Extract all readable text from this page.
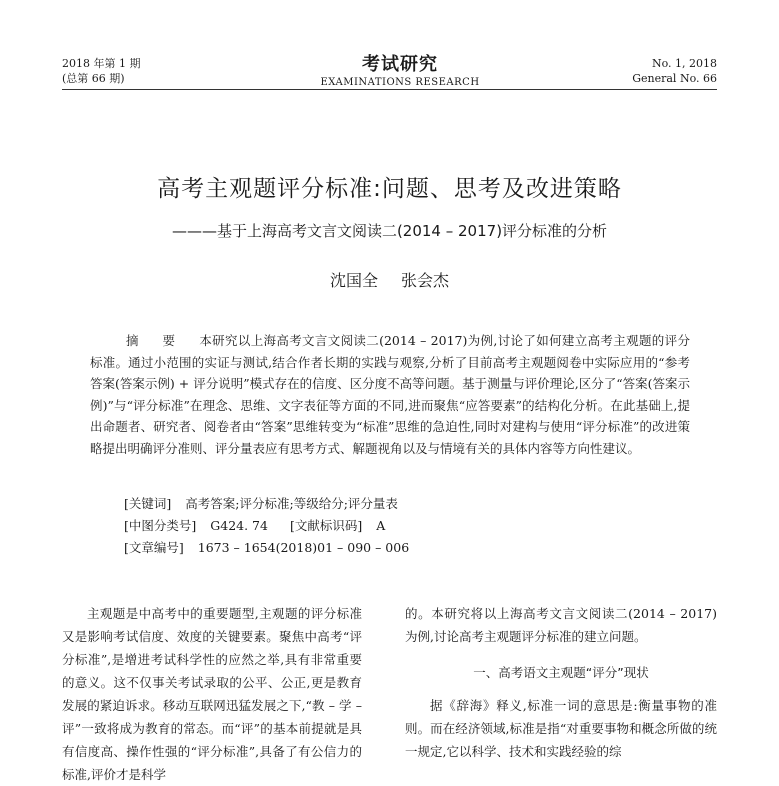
2018 年第 1 期
(总第 66 期)
考试研究
EXAMINATIONS RESEARCH
No. 1, 2018
General No. 66
高考主观题评分标准:问题、思考及改进策略
———基于上海高考文言文阅读二(2014 – 2017)评分标准的分析
沈国全 张会杰
摘 要 本研究以上海高考文言文阅读二(2014 – 2017)为例,讨论了如何建立高考主观题的评分标准。通过小范围的实证与测试,结合作者长期的实践与观察,分析了目前高考主观题阅卷中实际应用的“参考答案(答案示例) + 评分说明”模式存在的信度、区分度不高等问题。基于测量与评价理论,区分了“答案(答案示例)”与“评分标准”在理念、思维、文字表征等方面的不同,进而聚焦“应答要素”的结构化分析。在此基础上,提出命题者、研究者、阅卷者由“答案”思维转变为“标准”思维的急迫性,同时对建构与使用“评分标准”的改进策略提出明确评分准则、评分量表应有思考方式、解题视角以及与情境有关的具体内容等方向性建议。
[关键词] 高考答案;评分标准;等级给分;评分量表
[中图分类号] G424. 74 [文献标识码] A
[文章编号] 1673 – 1654(2018)01 – 090 – 006

主观题是中高考中的重要题型,主观题的评分标准又是影响考试信度、效度的关键要素。聚焦中高考“评分标准”,是增进考试科学性的应然之举,具有非常重要的意义。这不仅事关考试录取的公平、公正,更是教育发展的紧迫诉求。移动互联网迅猛发展之下,“教 – 学 – 评”一致将成为教育的常态。而“评”的基本前提就是具有信度高、操作性强的“评分标准”,具备了有公信力的标准,评价才是科学

的。本研究将以上海高考文言文阅读二(2014 – 2017)为例,讨论高考主观题评分标准的建立问题。

一、高考语文主观题“评分”现状

据《辞海》释义,标准一词的意思是:衡量事物的准则。而在经济领域,标准是指“对重要事物和概念所做的统一规定,它以科学、技术和实践经验的综
